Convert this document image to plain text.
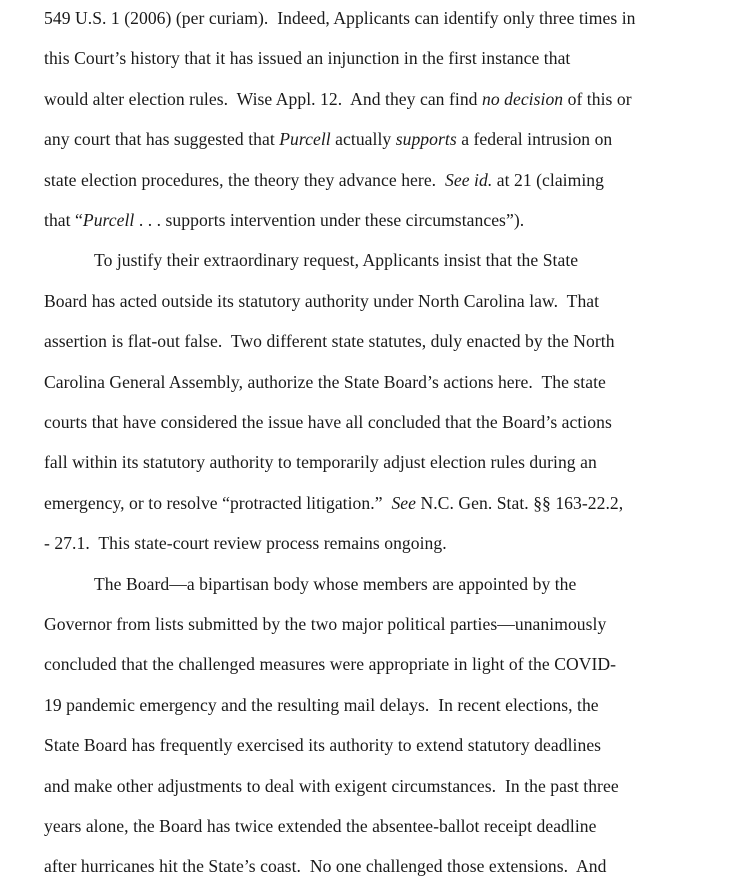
549 U.S. 1 (2006) (per curiam).  Indeed, Applicants can identify only three times in
this Court’s history that it has issued an injunction in the first instance that
would alter election rules.  Wise Appl. 12.  And they can find no decision of this or
any court that has suggested that Purcell actually supports a federal intrusion on
state election procedures, the theory they advance here.  See id. at 21 (claiming
that “Purcell . . . supports intervention under these circumstances”).
To justify their extraordinary request, Applicants insist that the State
Board has acted outside its statutory authority under North Carolina law.  That
assertion is flat-out false.  Two different state statutes, duly enacted by the North
Carolina General Assembly, authorize the State Board’s actions here.  The state
courts that have considered the issue have all concluded that the Board’s actions
fall within its statutory authority to temporarily adjust election rules during an
emergency, or to resolve “protracted litigation.”  See N.C. Gen. Stat. §§ 163-22.2,
- 27.1.  This state-court review process remains ongoing.
The Board—a bipartisan body whose members are appointed by the
Governor from lists submitted by the two major political parties—unanimously
concluded that the challenged measures were appropriate in light of the COVID-
19 pandemic emergency and the resulting mail delays.  In recent elections, the
State Board has frequently exercised its authority to extend statutory deadlines
and make other adjustments to deal with exigent circumstances.  In the past three
years alone, the Board has twice extended the absentee-ballot receipt deadline
after hurricanes hit the State’s coast.  No one challenged those extensions.  And
